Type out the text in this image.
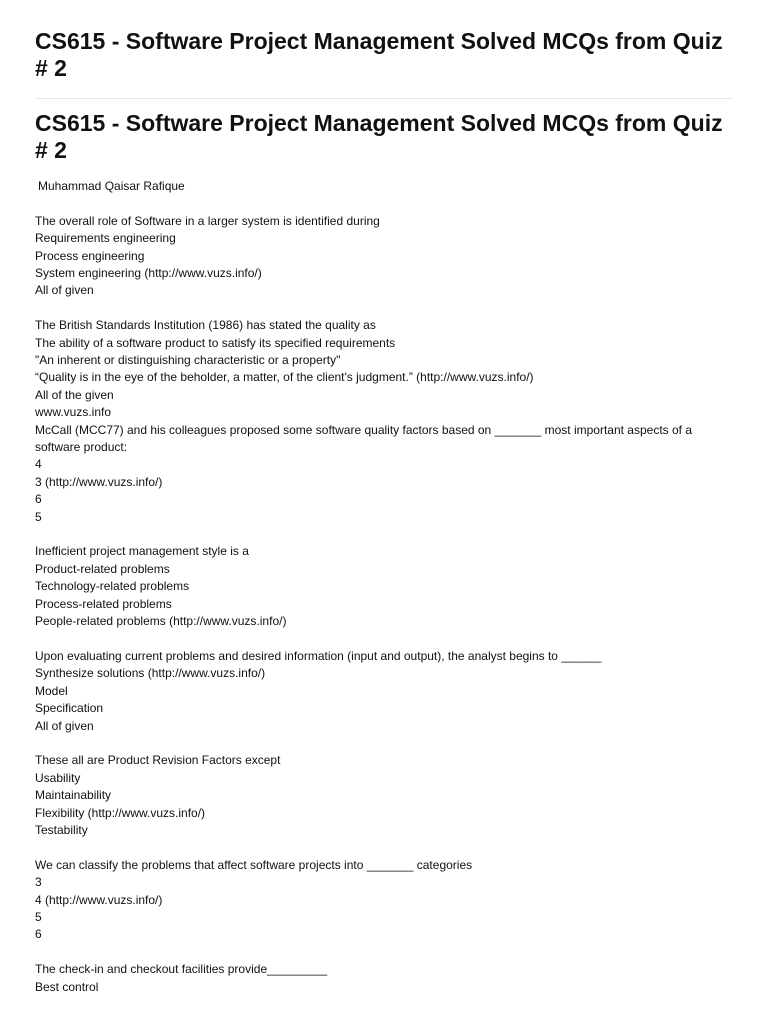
CS615 - Software Project Management Solved MCQs from Quiz # 2
CS615 - Software Project Management Solved MCQs from Quiz # 2
Muhammad Qaisar Rafique
The overall role of Software in a larger system is identified during
Requirements engineering
Process engineering
System engineering (http://www.vuzs.info/)
All of given
The British Standards Institution (1986) has stated the quality as
The ability of a software product to satisfy its specified requirements
"An inherent or distinguishing characteristic or a property"
“Quality is in the eye of the beholder, a matter, of the client's judgment.” (http://www.vuzs.info/)
All of the given
www.vuzs.info
McCall (MCC77) and his colleagues proposed some software quality factors based on _______ most important aspects of a software product:
4
3 (http://www.vuzs.info/)
6
5
Inefficient project management style is a
Product-related problems
Technology-related problems
Process-related problems
People-related problems (http://www.vuzs.info/)
Upon evaluating current problems and desired information (input and output), the analyst begins to ______
Synthesize solutions (http://www.vuzs.info/)
Model
Specification
All of given
These all are Product Revision Factors except
Usability
Maintainability
Flexibility (http://www.vuzs.info/)
Testability
We can classify the problems that affect software projects into _______ categories
3
4 (http://www.vuzs.info/)
5
6
The check-in and checkout facilities provide_________
Best control
